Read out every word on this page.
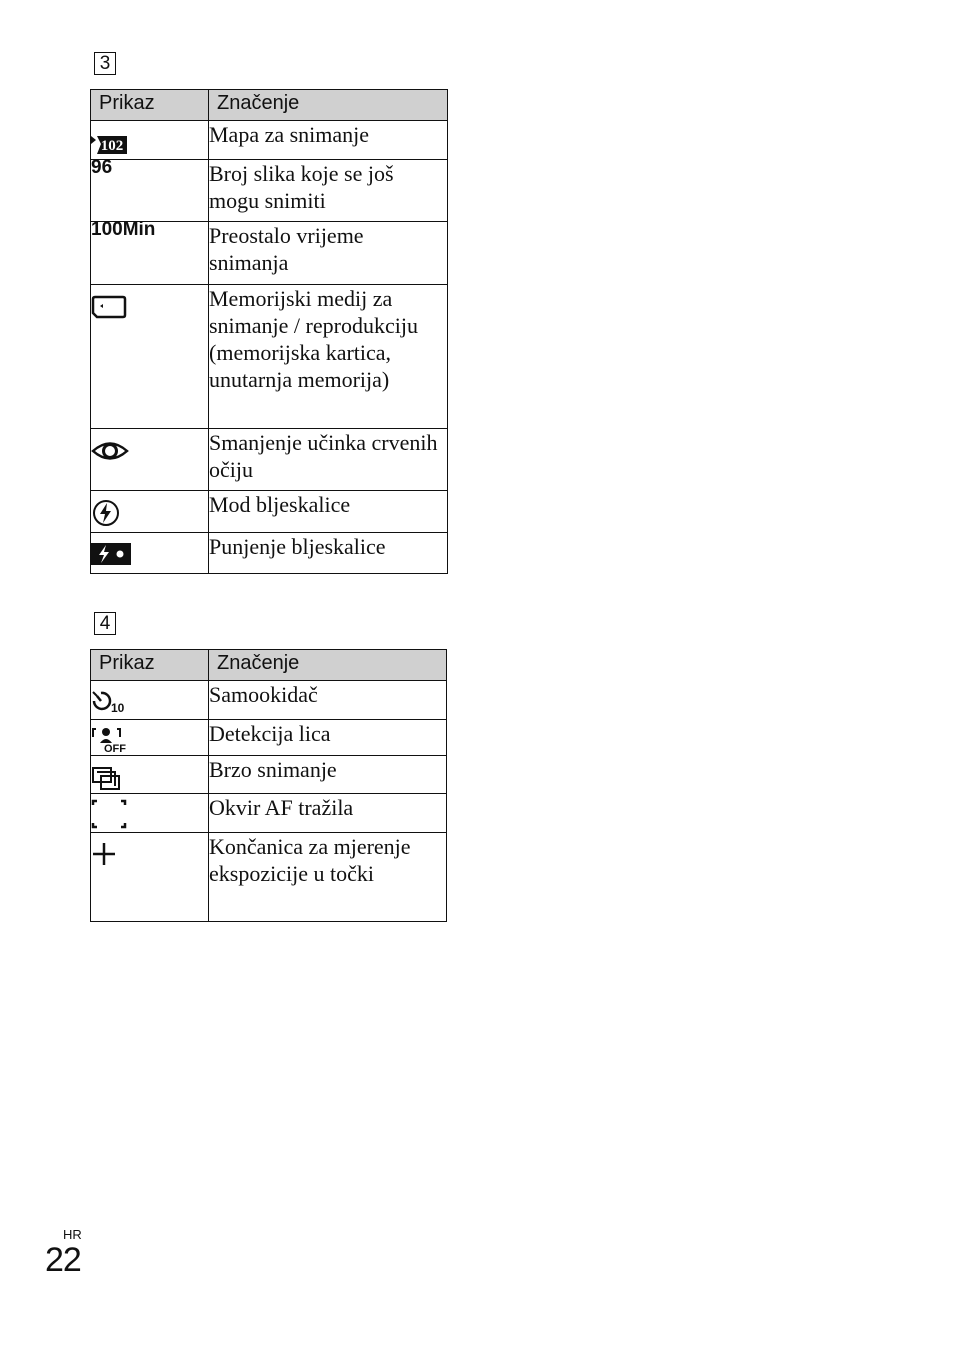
3
Prikaz	Značenje

102	Mapa za snimanje

96	Broj slika koje se još mogu snimiti

100Min	Preostalo vrijeme snimanja

	Memorijski medij za snimanje / reprodukciju (memorijska kartica, unutarnja memorija)

	Smanjenje učinka crvenih očiju

	Mod bljeskalice

	Punjenje bljeskalice
4
Prikaz	Značenje

10	Samookidač

OFF	Detekcija lica

	Brzo snimanje

	Okvir AF tražila

	Končanica za mjerenje ekspozicije u točki
HR
22
